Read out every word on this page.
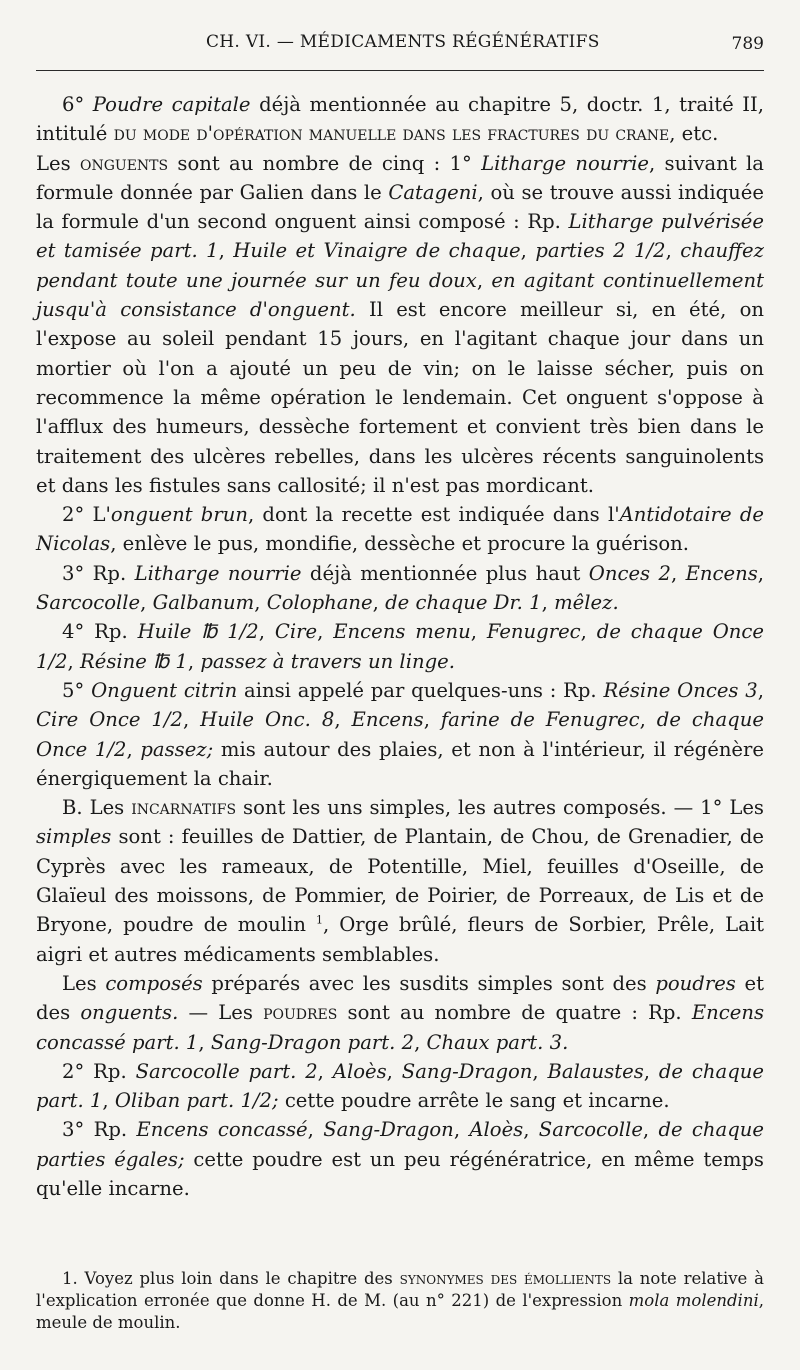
CH. VI. — MÉDICAMENTS RÉGÉNÉRATIFS	789

6° Poudre capitale déjà mentionnée au chapitre 5, doctr. 1, traité II, intitulé du mode d'opération manuelle dans les fractures du crane, etc.

Les onguents sont au nombre de cinq : 1° Litharge nourrie, suivant la formule donnée par Galien dans le Catageni, où se trouve aussi indiquée la formule d'un second onguent ainsi composé : Rp. Litharge pulvérisée et tamisée part. 1, Huile et Vinaigre de chaque, parties 2 1/2, chauffez pendant toute une journée sur un feu doux, en agitant continuellement jusqu'à consistance d'onguent. Il est encore meilleur si, en été, on l'expose au soleil pendant 15 jours, en l'agitant chaque jour dans un mortier où l'on a ajouté un peu de vin; on le laisse sécher, puis on recommence la même opération le lendemain. Cet onguent s'oppose à l'afflux des humeurs, dessèche fortement et convient très bien dans le traitement des ulcères rebelles, dans les ulcères récents sanguinolents et dans les fistules sans callosité; il n'est pas mordicant.

2° L'onguent brun, dont la recette est indiquée dans l'Antidotaire de Nicolas, enlève le pus, mondifie, dessèche et procure la guérison.

3° Rp. Litharge nourrie déjà mentionnée plus haut Onces 2, Encens, Sarcocolle, Galbanum, Colophane, de chaque Dr. 1, mêlez.

4° Rp. Huile ℔ 1/2, Cire, Encens menu, Fenugrec, de chaque Once 1/2, Résine ℔ 1, passez à travers un linge.

5° Onguent citrin ainsi appelé par quelques-uns : Rp. Résine Onces 3, Cire Once 1/2, Huile Onc. 8, Encens, farine de Fenugrec, de chaque Once 1/2, passez; mis autour des plaies, et non à l'intérieur, il régénère énergiquement la chair.

B. Les incarnatifs sont les uns simples, les autres composés. — 1° Les simples sont : feuilles de Dattier, de Plantain, de Chou, de Grenadier, de Cyprès avec les rameaux, de Potentille, Miel, feuilles d'Oseille, de Glaïeul des moissons, de Pommier, de Poirier, de Porreaux, de Lis et de Bryone, poudre de moulin $^1$, Orge brûlé, fleurs de Sorbier, Prêle, Lait aigri et autres médicaments semblables.

Les composés préparés avec les susdits simples sont des poudres et des onguents. — Les poudres sont au nombre de quatre : Rp. Encens concassé part. 1, Sang-Dragon part. 2, Chaux part. 3.

2° Rp. Sarcocolle part. 2, Aloès, Sang-Dragon, Balaustes, de chaque part. 1, Oliban part. 1/2; cette poudre arrête le sang et incarne.

3° Rp. Encens concassé, Sang-Dragon, Aloès, Sarcocolle, de chaque parties égales; cette poudre est un peu régénératrice, en même temps qu'elle incarne.

1. Voyez plus loin dans le chapitre des synonymes des émollients la note relative à l'explication erronée que donne H. de M. (au n° 221) de l'expression mola molendini, meule de moulin.
